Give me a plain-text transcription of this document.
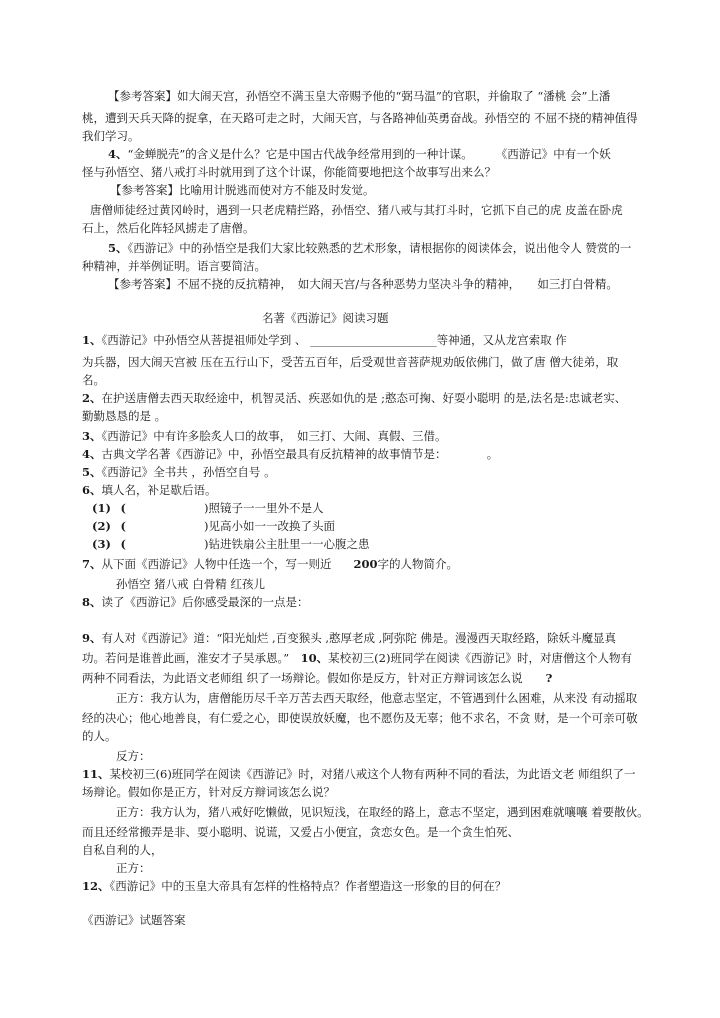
【参考答案】如大闹天宫，孙悟空不满玉皇大帝赐予他的“弼马温”的官职，并偷取了 “潘桃 会”上潘
桃，遭到天兵天降的捉拿，在天路可走之时，大闹天宫，与各路神仙英勇奋战。孙悟空的 不屈不挠的精神值得
我们学习。
4、“金蝉脱壳”的含义是什么？它是中国古代战争经常用到的一种计谋。　　　《西游记》中有一个妖
怪与孙悟空、猪八戒打斗时就用到了这个计谋，你能简要地把这个故事写出来么？
【参考答案】比喻用计脱逃而使对方不能及时发觉。
唐僧师徒经过黄冈岭时，遇到一只老虎精拦路，孙悟空、猪八戒与其打斗时，它抓下自己的虎 皮盖在卧虎
石上，然后化阵轻风掳走了唐僧。
5、《西游记》中的孙悟空是我们大家比较熟悉的艺术形象，请根据你的阅读体会，说出他令人 赞赏的一
种精神，并举例证明。语言要简洁。
【参考答案】不屈不挠的反抗精神，　如大闹天宫/与各种恶势力坚决斗争的精神，　　如三打白骨精。
名著《西游记》阅读习题
1、《西游记》中孙悟空从菩提祖师处学到 、 ______________________等神通，又从龙宫索取 作
为兵器，因大闹天宫被 压在五行山下，受苦五百年，后受观世音菩萨规劝皈依佛门，做了唐 僧大徒弟，取
名。
2、在护送唐僧去西天取经途中，机智灵活、疾恶如仇的是 ;憨态可掬、好耍小聪明 的是,法名是:忠诚老实、
勤勤恳恳的是 。
3、《西游记》中有许多脍炙人口的故事，　如三打、大闹、真假、三借。
4、古典文学名著《西游记》中，孙悟空最具有反抗精神的故事情节是：　　　　。
5、《西游记》全书共 ，孙悟空自号 。
6、填人名，补足歇后语。
(1) (	)照镜子一一里外不是人
(2) (	)见高小如一一改换了头面
(3) (	)钻进铁扇公主肚里一一心腹之患
7、从下面《西游记》人物中任选一个，写一则近 200字的人物简介。
孙悟空 猪八戒 白骨精 红孩儿
8、读了《西游记》后你感受最深的一点是：
9、有人对《西游记》道：“阳光灿烂 ,百变猴头 ,憨厚老成 ,阿弥陀 佛是。漫漫西天取经路，除妖斗魔显真
功。若问是谁普此画，淮安才子吴承恩。”　10、某校初三(2)班同学在阅读《西游记》时，对唐僧这个人物有
两种不同看法，为此语文老师组 织了一场辩论。假如你是反方，针对正方辩词该怎么说　　?
正方：我方认为，唐僧能历尽千辛万苦去西天取经，他意志坚定，不管遇到什么困难，从来没 有动摇取
经的决心；他心地善良，有仁爱之心，即使误放妖魔，也不愿伤及无辜；他不求名，不贪 财，是一个可亲可敬
的人。
反方：
11、某校初三(6)班同学在阅读《西游记》时，对猪八戒这个人物有两种不同的看法，为此语文老 师组织了一
场辩论。假如你是正方，针对反方辩词该怎么说？
正方：我方认为，猪八戒好吃懒做，见识短浅，在取经的路上，意志不坚定，遇到困难就嚷嚷 着要散伙。
而且还经常搬弄是非、耍小聪明、说谎，又爱占小便宜，贪恋女色。是一个贪生怕死、
自私自利的人，
正方：
12、《西游记》中的玉皇大帝具有怎样的性格特点？作者塑造这一形象的目的何在？
《西游记》试题答案
